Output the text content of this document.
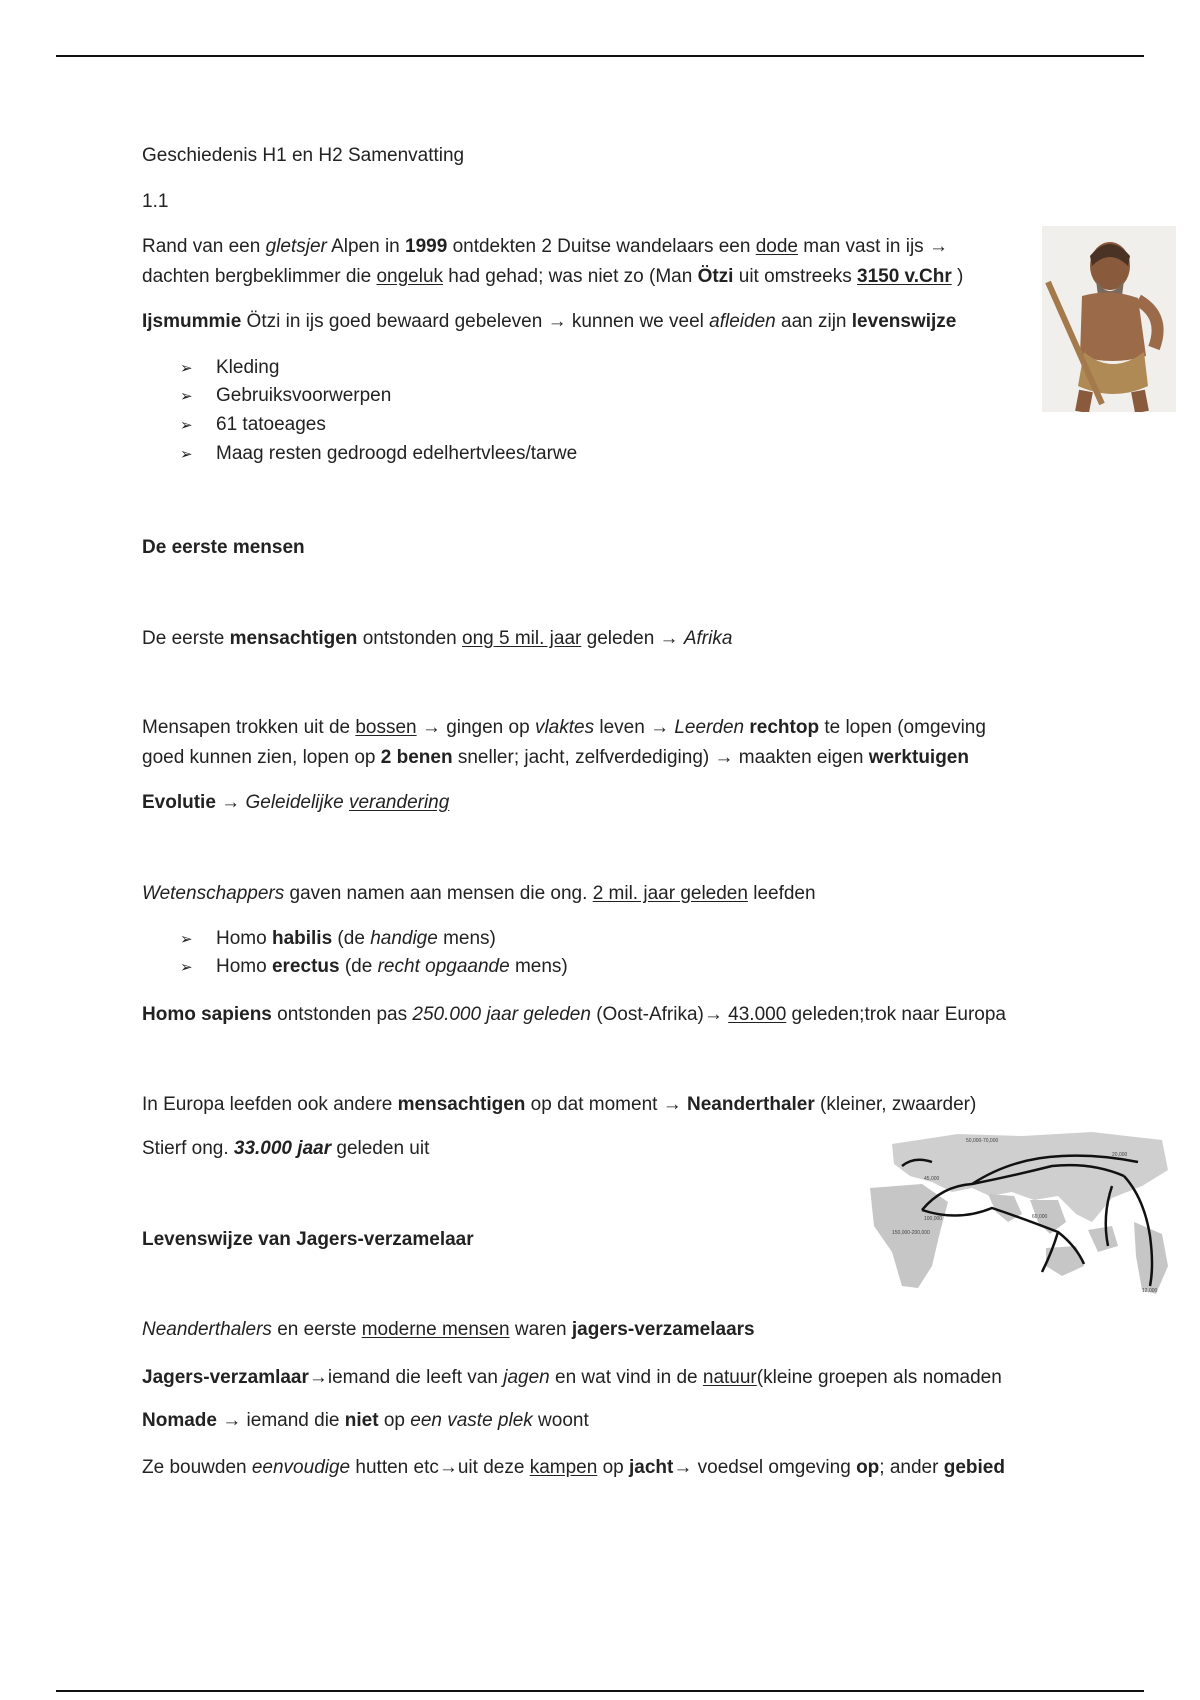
Geschiedenis H1 en H2 Samenvatting
1.1
Rand van een gletsjer Alpen in 1999 ontdekten 2 Duitse wandelaars een dode man vast in ijs →
dachten bergbeklimmer die ongeluk had gehad; was niet zo (Man Ötzi uit omstreeks 3150 v.Chr )
Ijsmummie Ötzi in ijs goed bewaard gebeleven → kunnen we veel afleiden aan zijn levenswijze
➢ Kleding
➢ Gebruiksvoorwerpen
➢ 61 tatoeages
➢ Maag resten gedroogd edelhertvlees/tarwe
De eerste mensen
De eerste mensachtigen ontstonden ong 5 mil. jaar geleden → Afrika
Mensapen trokken uit de bossen → gingen op vlaktes leven → Leerden rechtop te lopen (omgeving
goed kunnen zien, lopen op 2 benen sneller; jacht, zelfverdediging) → maakten eigen werktuigen
Evolutie → Geleidelijke verandering
Wetenschappers gaven namen aan mensen die ong. 2 mil. jaar geleden leefden
➢ Homo habilis (de handige mens)
➢ Homo erectus (de recht opgaande mens)
Homo sapiens ontstonden pas 250.000 jaar geleden (Oost-Afrika)→ 43.000 geleden;trok naar Europa
In Europa leefden ook andere mensachtigen op dat moment → Neanderthaler (kleiner, zwaarder)
Stierf ong. 33.000 jaar geleden uit	50,000-70,000
45,000
100,000
150,000-200,000
60,000
20,000
12,000
Levenswijze van Jagers-verzamelaar
Neanderthalers en eerste moderne mensen waren jagers-verzamelaars
Jagers-verzamlaar→iemand die leeft van jagen en wat vind in de natuur(kleine groepen als nomaden
Nomade → iemand die niet op een vaste plek woont
Ze bouwden eenvoudige hutten etc→uit deze kampen op jacht→ voedsel omgeving op; ander gebied
